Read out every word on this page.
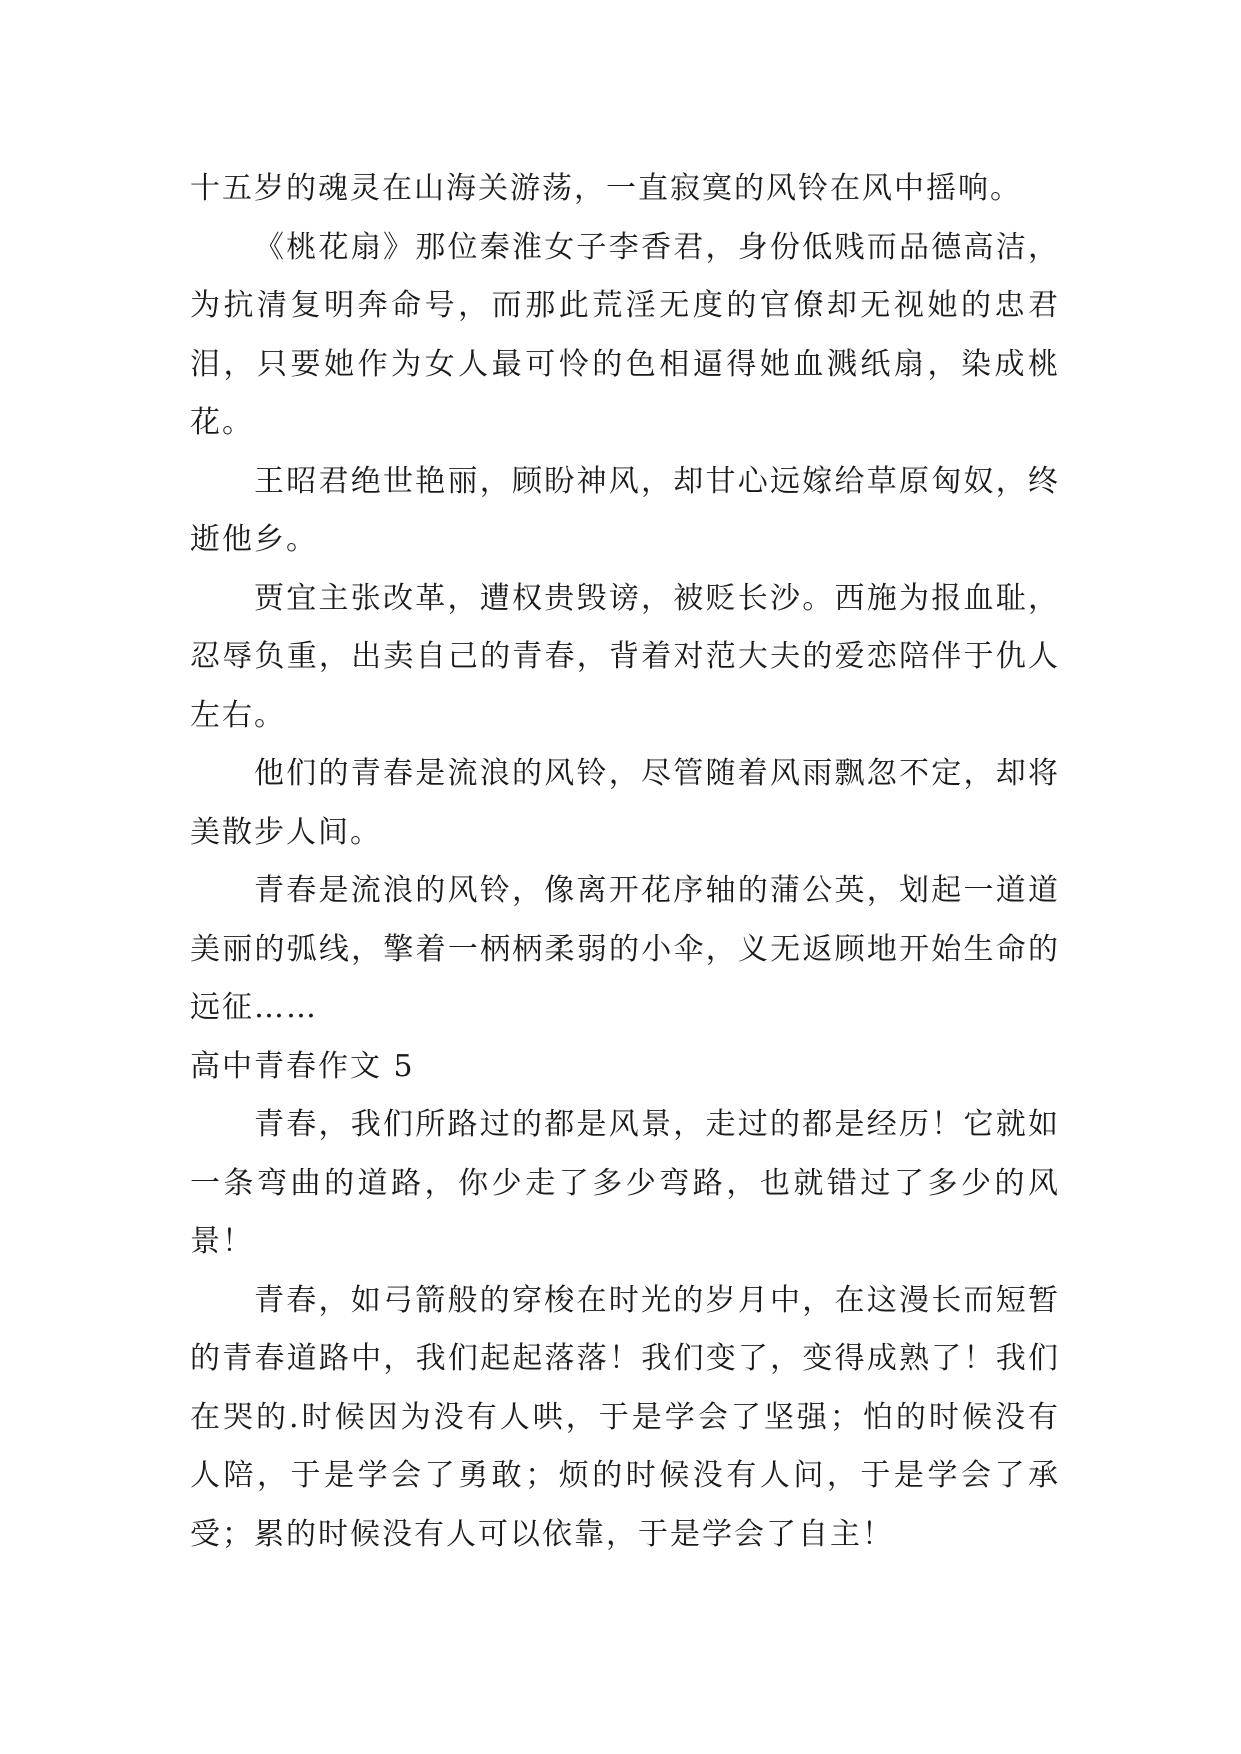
十五岁的魂灵在山海关游荡，一直寂寞的风铃在风中摇响。

《桃花扇》那位秦淮女子李香君，身份低贱而品德高洁，为抗清复明奔命号，而那此荒淫无度的官僚却无视她的忠君泪，只要她作为女人最可怜的色相逼得她血溅纸扇，染成桃花。

王昭君绝世艳丽，顾盼神风，却甘心远嫁给草原匈奴，终逝他乡。

贾宜主张改革，遭权贵毁谤，被贬长沙。西施为报血耻，忍辱负重，出卖自己的青春，背着对范大夫的爱恋陪伴于仇人左右。

他们的青春是流浪的风铃，尽管随着风雨飘忽不定，却将美散步人间。

青春是流浪的风铃，像离开花序轴的蒲公英，划起一道道美丽的弧线，擎着一柄柄柔弱的小伞，义无返顾地开始生命的远征……

高中青春作文 5

青春，我们所路过的都是风景，走过的都是经历！它就如一条弯曲的道路，你少走了多少弯路，也就错过了多少的风景！

青春，如弓箭般的穿梭在时光的岁月中，在这漫长而短暂的青春道路中，我们起起落落！我们变了，变得成熟了！我们在哭的.时候因为没有人哄，于是学会了坚强；怕的时候没有人陪，于是学会了勇敢；烦的时候没有人问，于是学会了承受；累的时候没有人可以依靠，于是学会了自主！
